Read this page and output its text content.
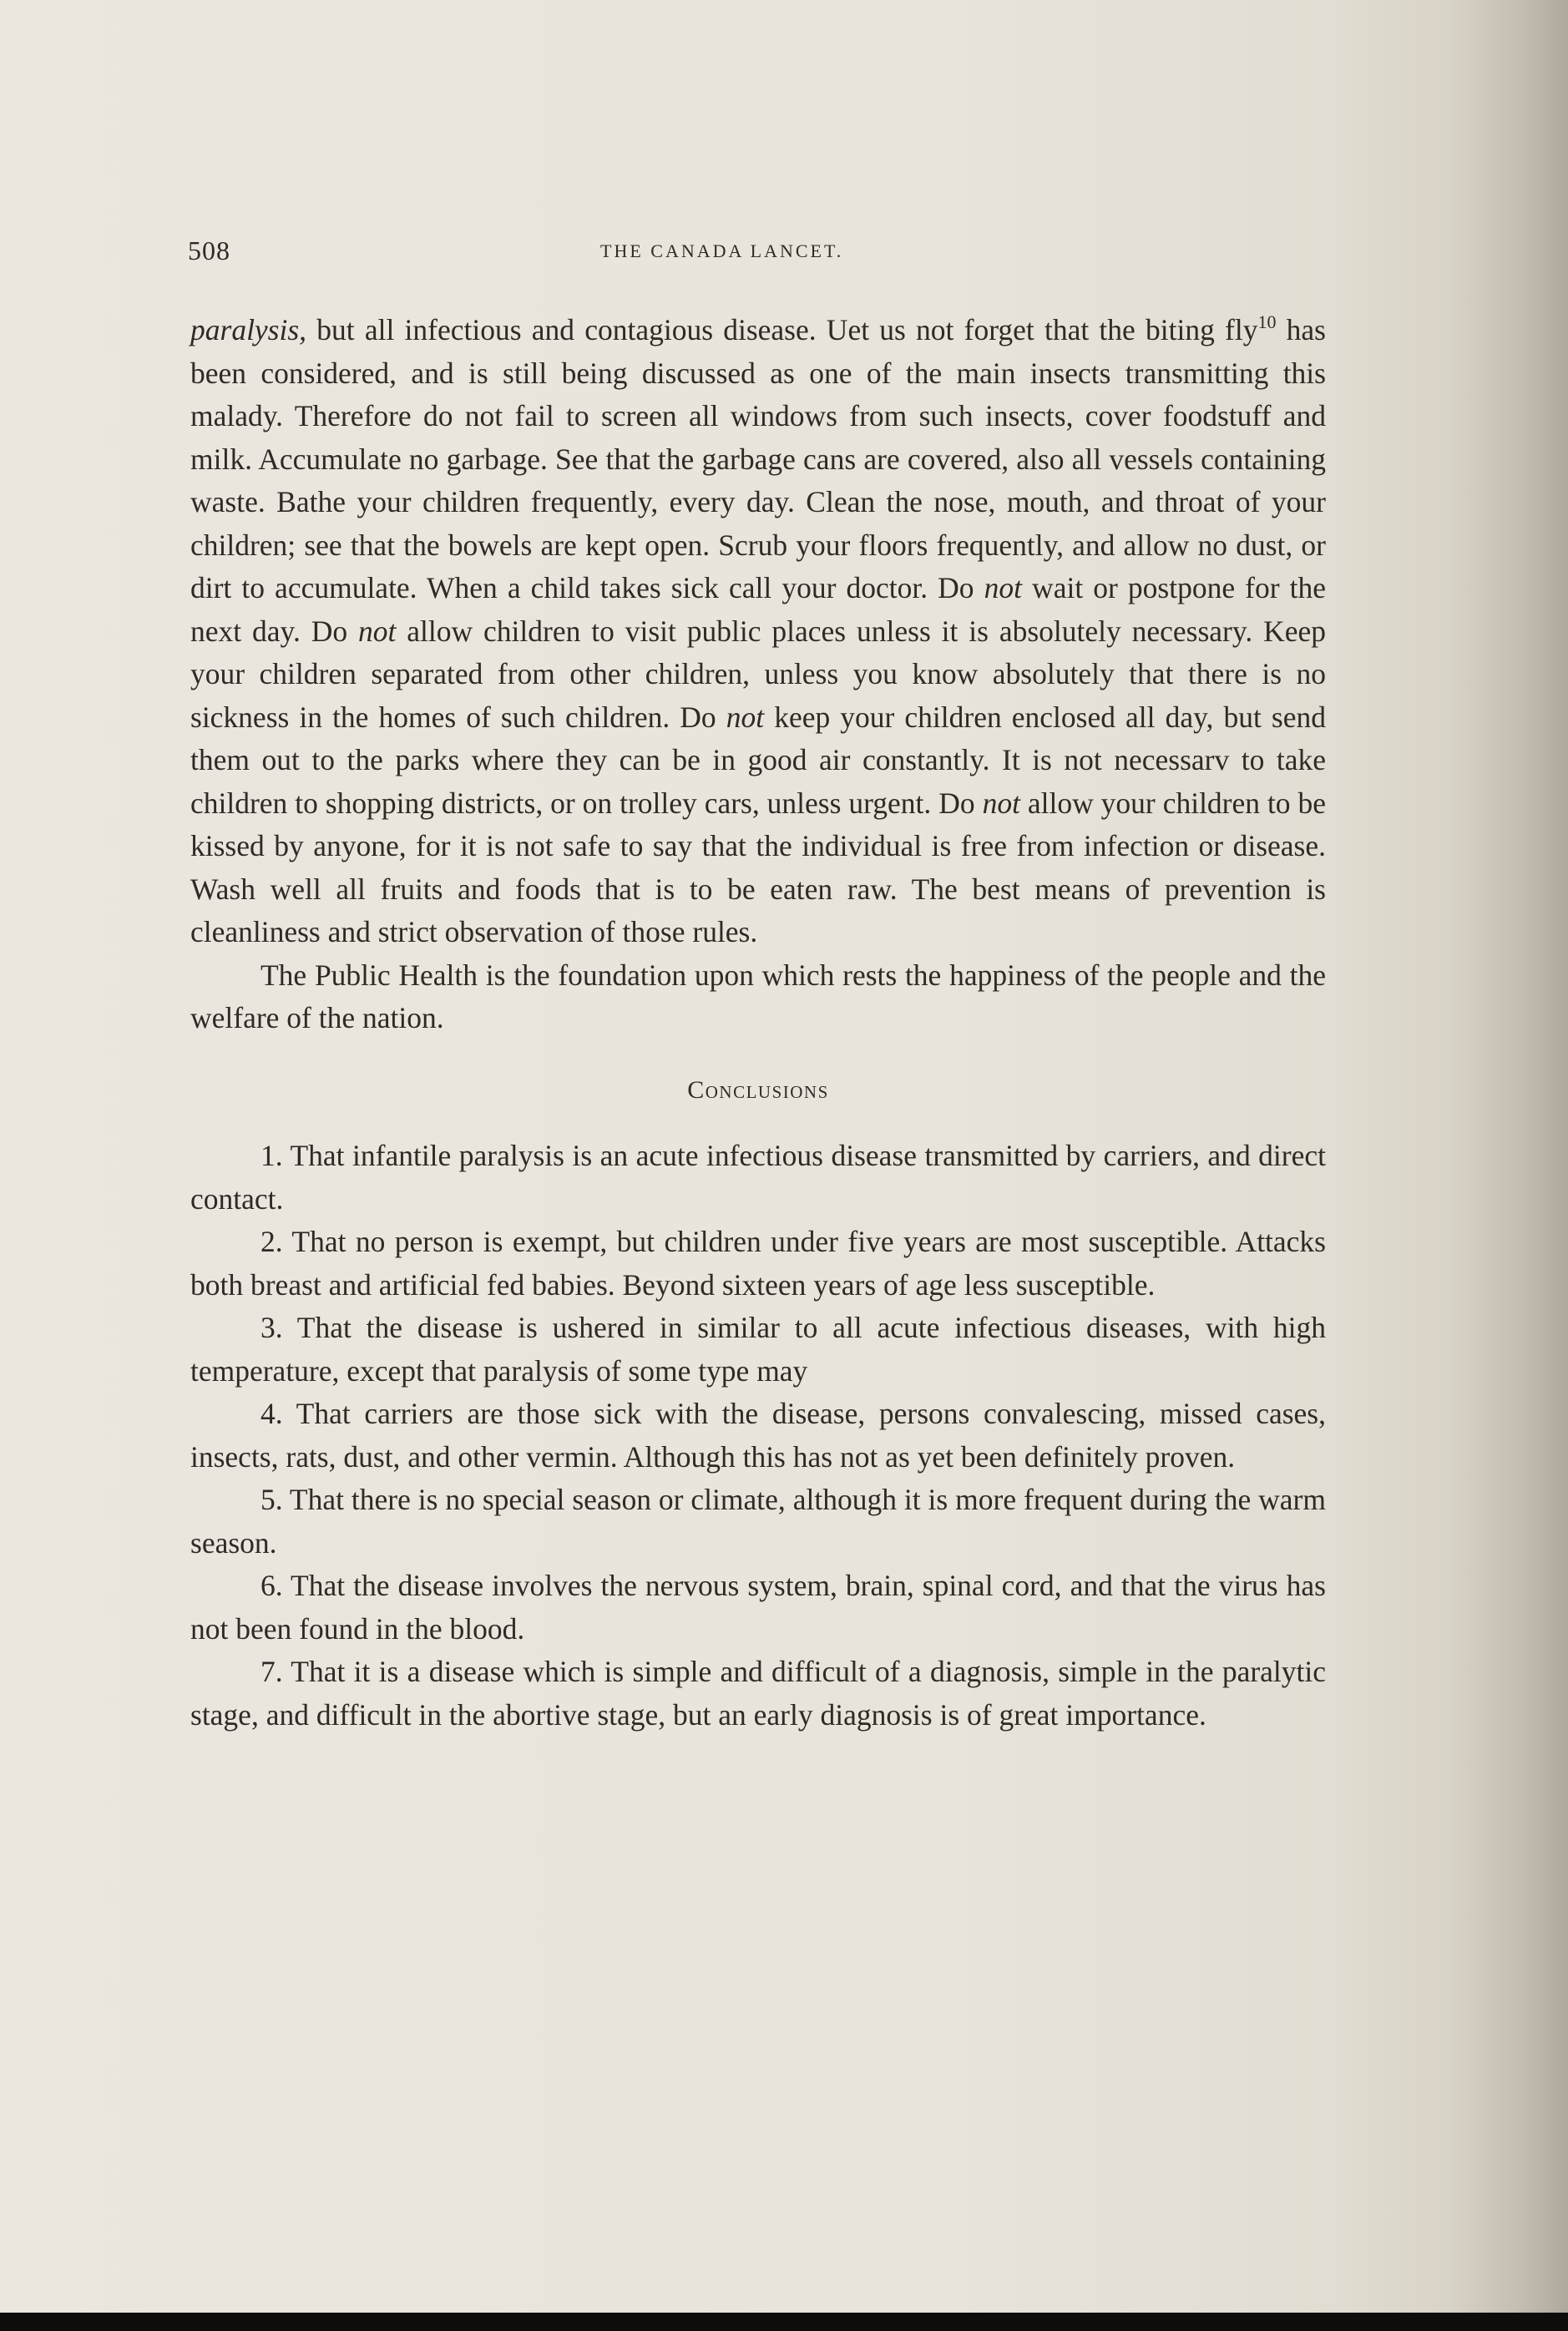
508	THE CANADA LANCET.

paralysis, but all infectious and contagious disease. Uet us not forget that the biting fly$^{10}$ has been considered, and is still being discussed as one of the main insects transmitting this malady. Therefore do not fail to screen all windows from such insects, cover foodstuff and milk. Accumulate no garbage. See that the garbage cans are covered, also all vessels containing waste. Bathe your children frequently, every day. Clean the nose, mouth, and throat of your children; see that the bowels are kept open. Scrub your floors frequently, and allow no dust, or dirt to accumulate. When a child takes sick call your doctor. Do not wait or postpone for the next day. Do not allow children to visit public places unless it is absolutely necessary. Keep your children separated from other children, unless you know absolutely that there is no sickness in the homes of such children. Do not keep your children enclosed all day, but send them out to the parks where they can be in good air constantly. It is not necessarv to take children to shopping districts, or on trolley cars, unless urgent. Do not allow your children to be kissed by anyone, for it is not safe to say that the individual is free from infection or disease. Wash well all fruits and foods that is to be eaten raw. The best means of prevention is cleanliness and strict observation of those rules.

The Public Health is the foundation upon which rests the happiness of the people and the welfare of the nation.

Conclusions

1. That infantile paralysis is an acute infectious disease transmitted by carriers, and direct contact.

2. That no person is exempt, but children under five years are most susceptible. Attacks both breast and artificial fed babies. Beyond sixteen years of age less susceptible.

3. That the disease is ushered in similar to all acute infectious diseases, with high temperature, except that paralysis of some type may

4. That carriers are those sick with the disease, persons convalescing, missed cases, insects, rats, dust, and other vermin. Although this has not as yet been definitely proven.

5. That there is no special season or climate, although it is more frequent during the warm season.

6. That the disease involves the nervous system, brain, spinal cord, and that the virus has not been found in the blood.

7. That it is a disease which is simple and difficult of a diagnosis, simple in the paralytic stage, and difficult in the abortive stage, but an early diagnosis is of great importance.
